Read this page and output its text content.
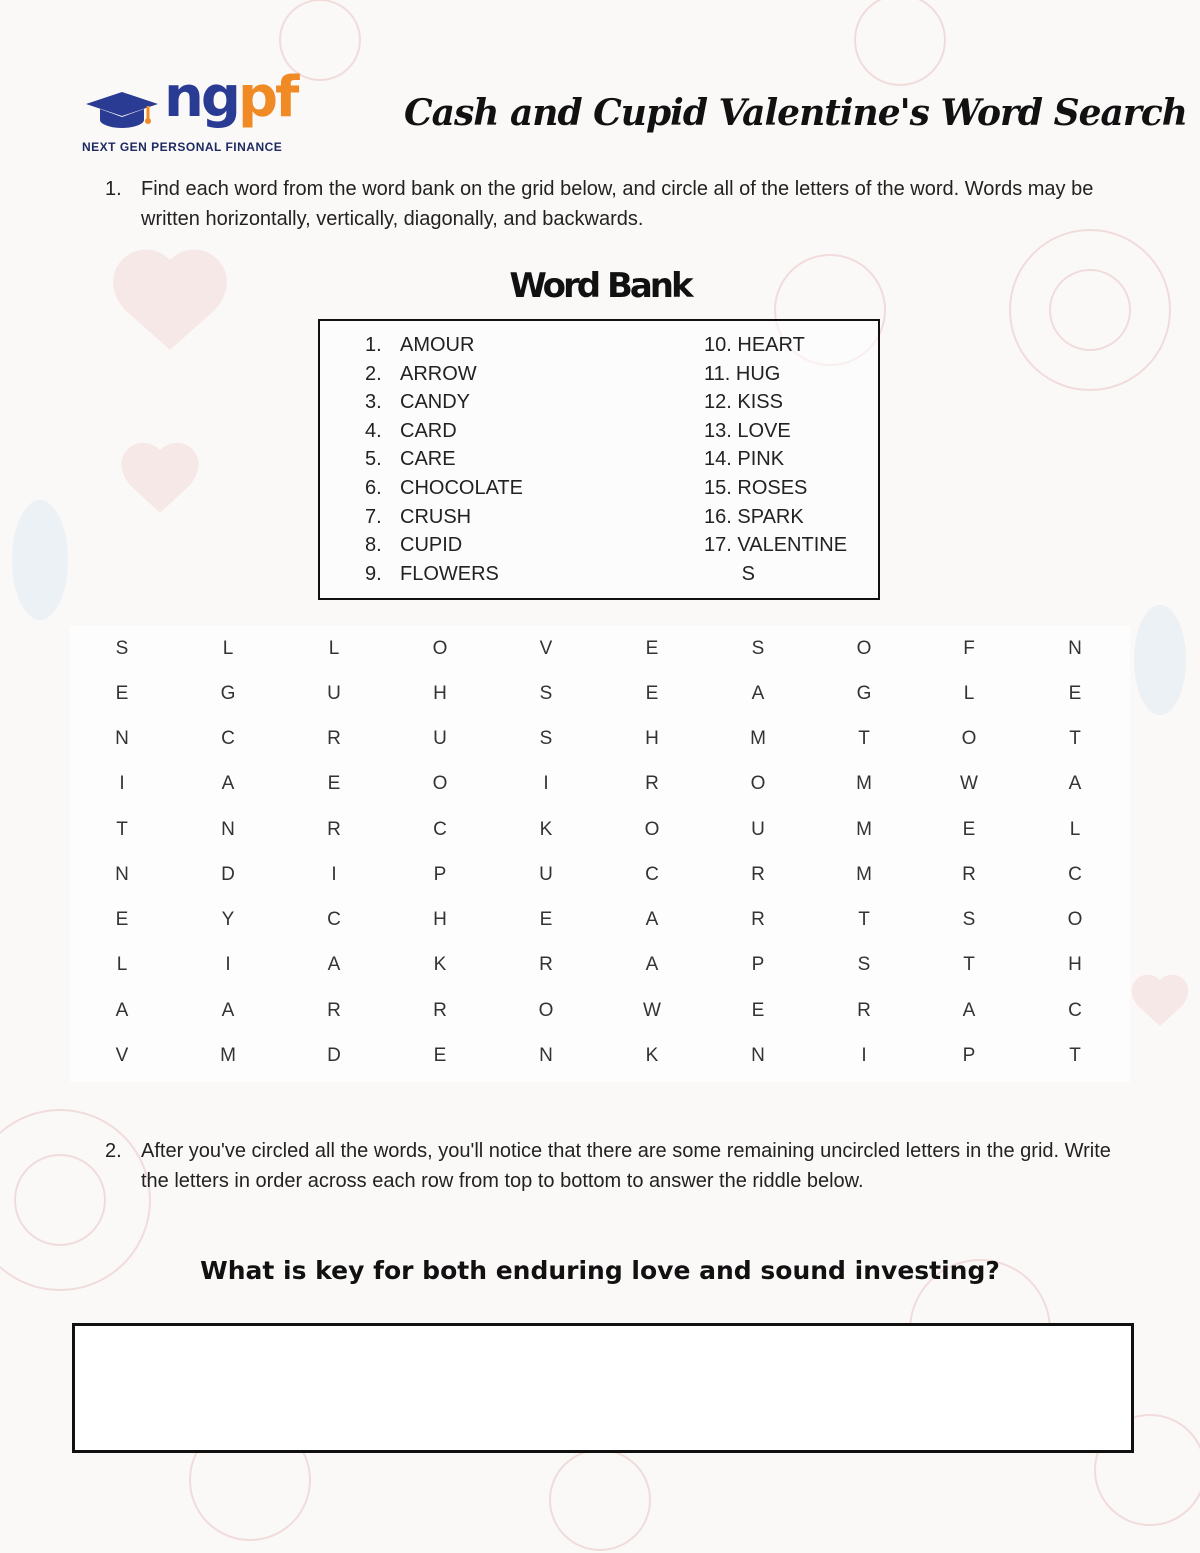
ngpf
NEXT GEN PERSONAL FINANCE
Cash and Cupid Valentine's Word Search
1. Find each word from the word bank on the grid below, and circle all of the letters of the word. Words may be written horizontally, vertically, diagonally, and backwards.
Word Bank
1. AMOUR
2. ARROW
3. CANDY
4. CARD
5. CARE
6. CHOCOLATE
7. CRUSH
8. CUPID
9. FLOWERS
10. HEART
11. HUG
12. KISS
13. LOVE
14. PINK
15. ROSES
16. SPARK
17. VALENTINE
S
S	L	L	O	V	E	S	O	F	N
E	G	U	H	S	E	A	G	L	E
N	C	R	U	S	H	M	T	O	T
I	A	E	O	I	R	O	M	W	A
T	N	R	C	K	O	U	M	E	L
N	D	I	P	U	C	R	M	R	C
E	Y	C	H	E	A	R	T	S	O
L	I	A	K	R	A	P	S	T	H
A	A	R	R	O	W	E	R	A	C
V	M	D	E	N	K	N	I	P	T
2. After you've circled all the words, you'll notice that there are some remaining uncircled letters in the grid. Write the letters in order across each row from top to bottom to answer the riddle below.
What is key for both enduring love and sound investing?
